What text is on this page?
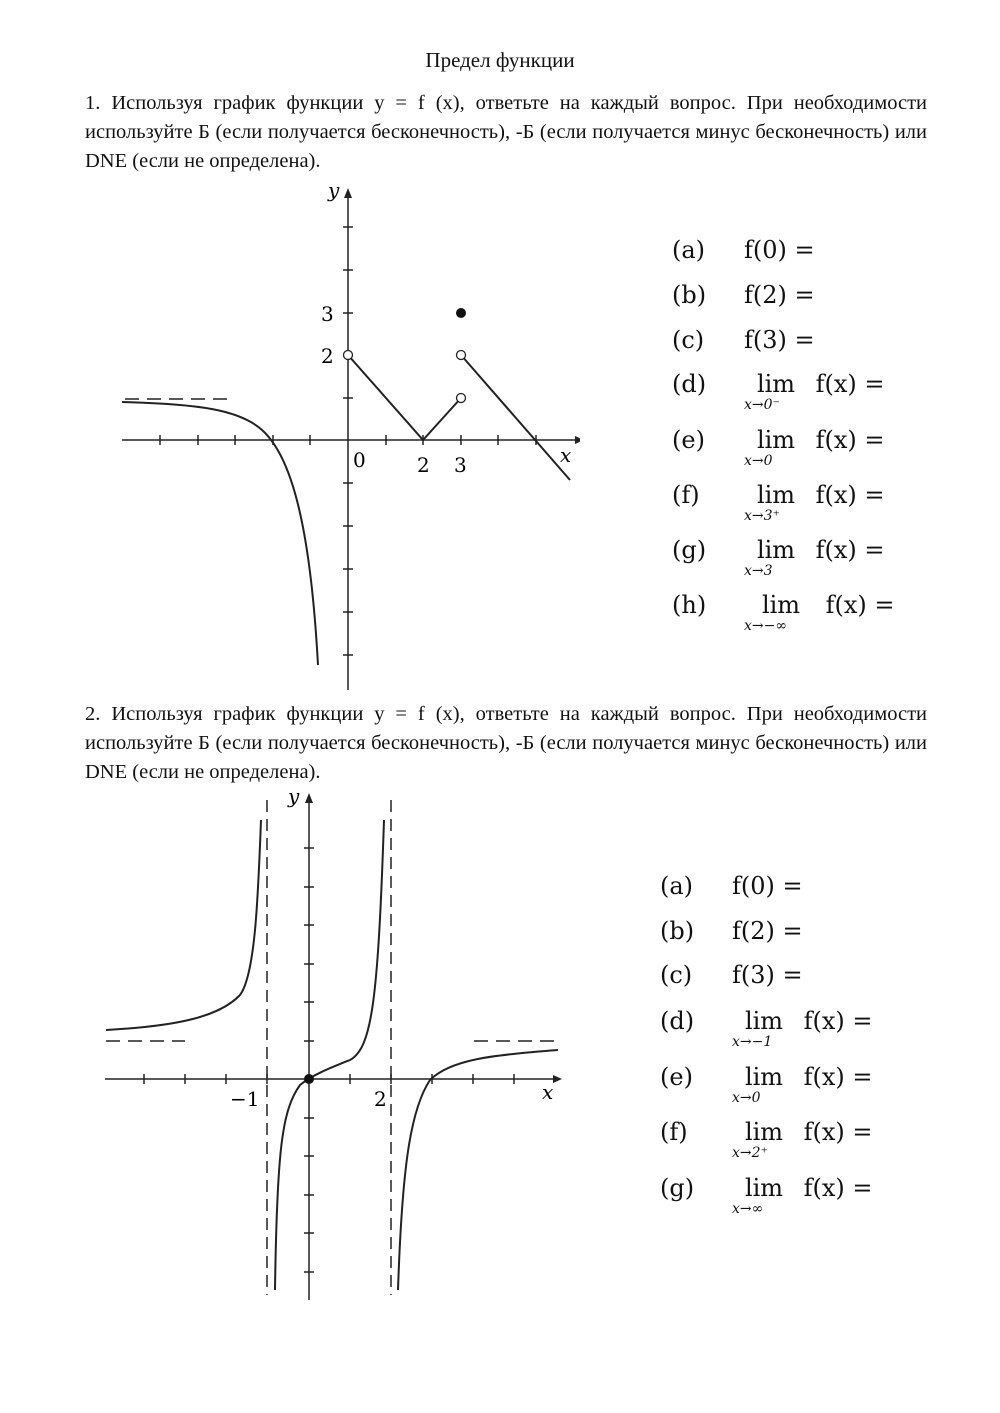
Предел функции

1. Используя график функции y = f (x), ответьте на каждый вопрос. При необходимости используйте Б (если получается бесконечность), -Б (если получается минус бесконечность) или DNE (если не определена).

y
x
0	2 3
3
2
(a) f(0) =
(b) f(2) =
(c) f(3) =
(d) lim
x→0⁻
f(x) =
(e) lim
x→0
f(x) =
(f) lim
x→3⁺
f(x) =
(g) lim
x→3
f(x) =
(h) lim
x→−∞
f(x) =

2. Используя график функции y = f (x), ответьте на каждый вопрос. При необходимости используйте Б (если получается бесконечность), -Б (если получается минус бесконечность) или DNE (если не определена).

y
x
−1	2
(a) f(0) =
(b) f(2) =
(c) f(3) =
(d) lim
x→−1
f(x) =
(e) lim
x→0
f(x) =
(f) lim
x→2⁺
f(x) =
(g) lim
x→∞
f(x) =
